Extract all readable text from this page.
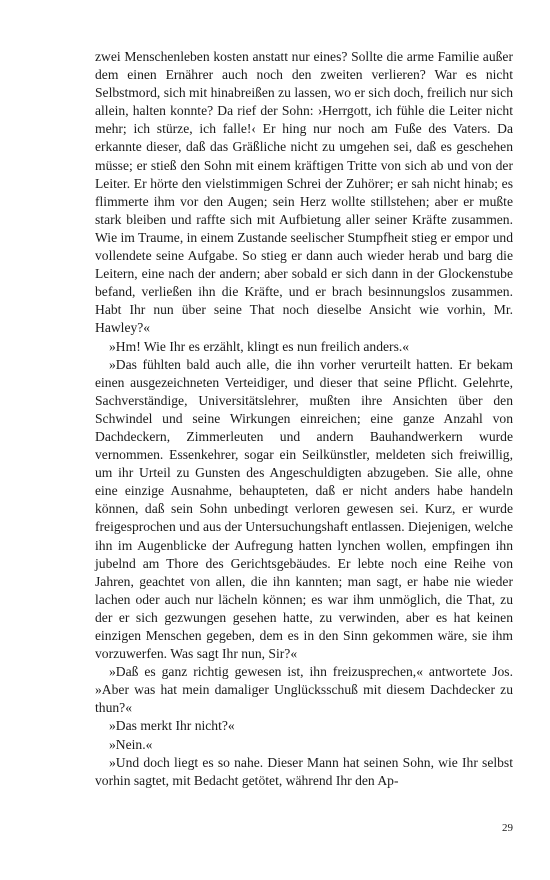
zwei Menschenleben kosten anstatt nur eines? Sollte die arme Familie außer dem einen Ernährer auch noch den zweiten verlieren? War es nicht Selbstmord, sich mit hinabreißen zu lassen, wo er sich doch, freilich nur sich allein, halten konnte? Da rief der Sohn: ›Herrgott, ich fühle die Leiter nicht mehr; ich stürze, ich falle!‹ Er hing nur noch am Fuße des Vaters. Da erkannte dieser, daß das Gräßliche nicht zu umgehen sei, daß es geschehen müsse; er stieß den Sohn mit einem kräftigen Tritte von sich ab und von der Leiter. Er hörte den vielstimmigen Schrei der Zuhörer; er sah nicht hinab; es flimmerte ihm vor den Augen; sein Herz wollte stillstehen; aber er mußte stark bleiben und raffte sich mit Aufbietung aller seiner Kräfte zusammen. Wie im Traume, in einem Zustande seelischer Stumpfheit stieg er empor und vollendete seine Aufgabe. So stieg er dann auch wieder herab und barg die Leitern, eine nach der andern; aber sobald er sich dann in der Glockenstube befand, verließen ihn die Kräfte, und er brach besinnungslos zusammen. Habt Ihr nun über seine That noch dieselbe Ansicht wie vorhin, Mr. Hawley?«

»Hm! Wie Ihr es erzählt, klingt es nun freilich anders.«

»Das fühlten bald auch alle, die ihn vorher verurteilt hatten. Er bekam einen ausgezeichneten Verteidiger, und dieser that seine Pflicht. Gelehrte, Sachverständige, Universitätslehrer, mußten ihre Ansichten über den Schwindel und seine Wirkungen einreichen; eine ganze Anzahl von Dachdeckern, Zimmerleuten und andern Bauhandwerkern wurde vernommen. Essenkehrer, sogar ein Seilkünstler, meldeten sich freiwillig, um ihr Urteil zu Gunsten des Angeschuldigten abzugeben. Sie alle, ohne eine einzige Ausnahme, behaupteten, daß er nicht anders habe handeln können, daß sein Sohn unbedingt verloren gewesen sei. Kurz, er wurde freigesprochen und aus der Untersuchungshaft entlassen. Diejenigen, welche ihn im Augenblicke der Aufregung hatten lynchen wollen, empfingen ihn jubelnd am Thore des Gerichtsgebäudes. Er lebte noch eine Reihe von Jahren, geachtet von allen, die ihn kannten; man sagt, er habe nie wieder lachen oder auch nur lächeln können; es war ihm unmöglich, die That, zu der er sich gezwungen gesehen hatte, zu verwinden, aber es hat keinen einzigen Menschen gegeben, dem es in den Sinn gekommen wäre, sie ihm vorzuwerfen. Was sagt Ihr nun, Sir?«

»Daß es ganz richtig gewesen ist, ihn freizusprechen,« antwortete Jos. »Aber was hat mein damaliger Unglücksschuß mit diesem Dachdecker zu thun?«

»Das merkt Ihr nicht?«

»Nein.«

»Und doch liegt es so nahe. Dieser Mann hat seinen Sohn, wie Ihr selbst vorhin sagtet, mit Bedacht getötet, während Ihr den Ap-

29
